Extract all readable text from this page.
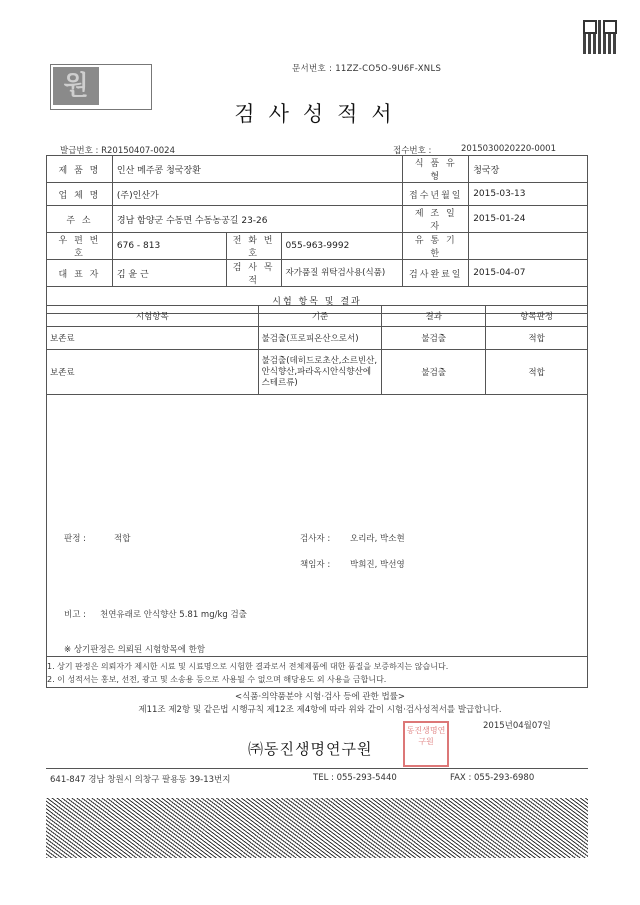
원
문서번호 : 11ZZ-CO5O-9U6F-XNLS
검사성적서
발급번호 : R20150407-0024	접수번호 :	2015030020220-0001
제 품 명	인산 메주콩 청국장환			식 품 유 형	청국장
업 체 명	(주)인산가			접수년월일	2015-03-13
주 소	경남 함양군 수동면 수동농공길 23-26			제 조 일 자	2015-01-24
우 편 번 호	676 - 813	전 화 번 호	055-963-9992	유 통 기 한	
대 표 자	김 윤 근	검 사 목 적	자가품질 위탁검사용(식품)	검사완료일	2015-04-07
시험 항목 및 결과					
시험항목	기준	결과	항목판정
보존료	불검출(프로피온산으로서)	불검출	적합
보존료	불검출(데히드로초산,소르빈산,안식향산,파라옥시안식향산에스테르류)	불검출	적합
판정 :	적합	검사자 : 오리라, 박소현
책임자 : 박희진, 박선영
비고 : 천연유래로 안식향산 5.81 mg/kg 검출
※ 상기판정은 의뢰된 시험항목에 한함
1. 상기 판정은 의뢰자가 제시한 시료 및 시료명으로 시험한 결과로서 전체제품에 대한 품질을 보증하지는 않습니다.
2. 이 성적서는 홍보, 선전, 광고 및 소송용 등으로 사용될 수 없으며 해당용도 외 사용을 금합니다.
<식품·의약품분야 시험·검사 등에 관한 법률>
제11조 제2항 및 같은법 시행규칙 제12조 제4항에 따라 위와 같이 시험·검사성적서를 발급합니다.
2015년04월07일
㈜동진생명연구원
동진생명연구원
641-847 경남 창원시 의창구 팔용동 39-13번지	TEL : 055-293-5440	FAX : 055-293-6980
